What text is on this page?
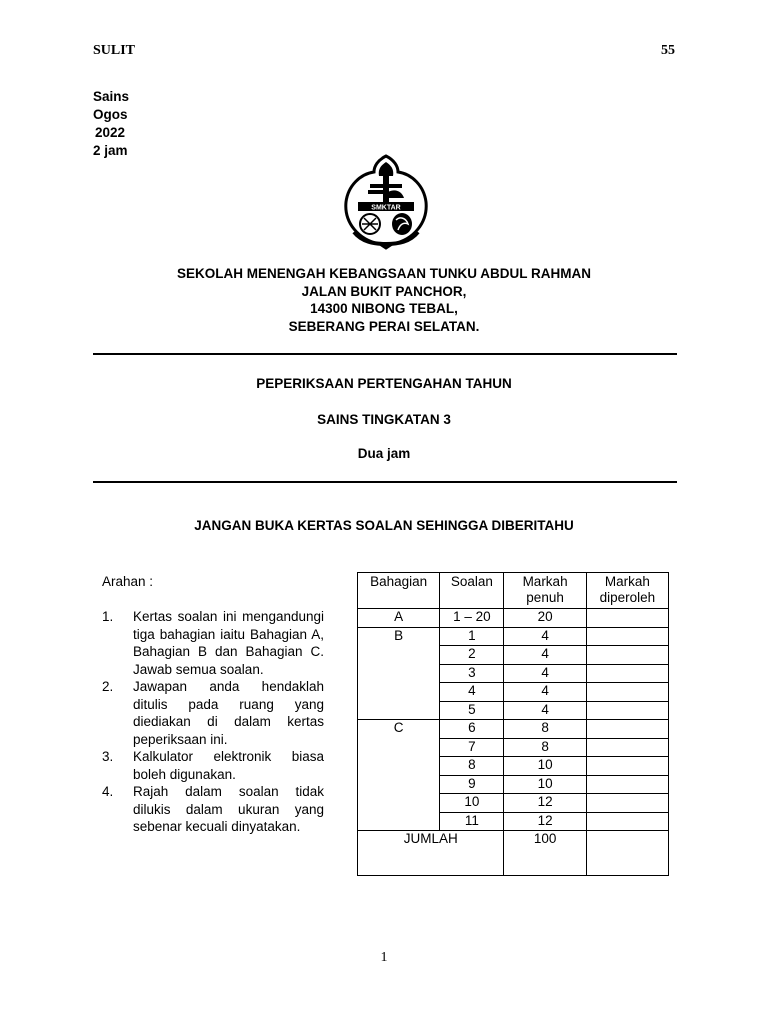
SULIT	55
Sains
Ogos
2022
2 jam
SMKTAR
SEKOLAH MENENGAH KEBANGSAAN TUNKU ABDUL RAHMAN
JALAN BUKIT PANCHOR,
14300 NIBONG TEBAL,
SEBERANG PERAI SELATAN.
PEPERIKSAAN PERTENGAHAN TAHUN
SAINS TINGKATAN 3
Dua jam
JANGAN BUKA KERTAS SOALAN SEHINGGA DIBERITAHU
Arahan :
1.	Kertas soalan ini mengandungi tiga bahagian iaitu Bahagian A, Bahagian B dan Bahagian C. Jawab semua soalan.
2.	Jawapan anda hendaklah ditulis pada ruang yang diediakan di dalam kertas peperiksaan ini.
3.	Kalkulator elektronik biasa boleh digunakan.
4.	Rajah dalam soalan tidak dilukis dalam ukuran yang sebenar kecuali dinyatakan.
Bahagian	Soalan	Markah penuh	Markah diperoleh
A	1 – 20	20	
B	1	4	
	2	4	
	3	4	
	4	4	
	5	4	
C	6	8	
	7	8	
	8	10	
	9	10	
	10	12	
	11	12	
JUMLAH		100	
1
